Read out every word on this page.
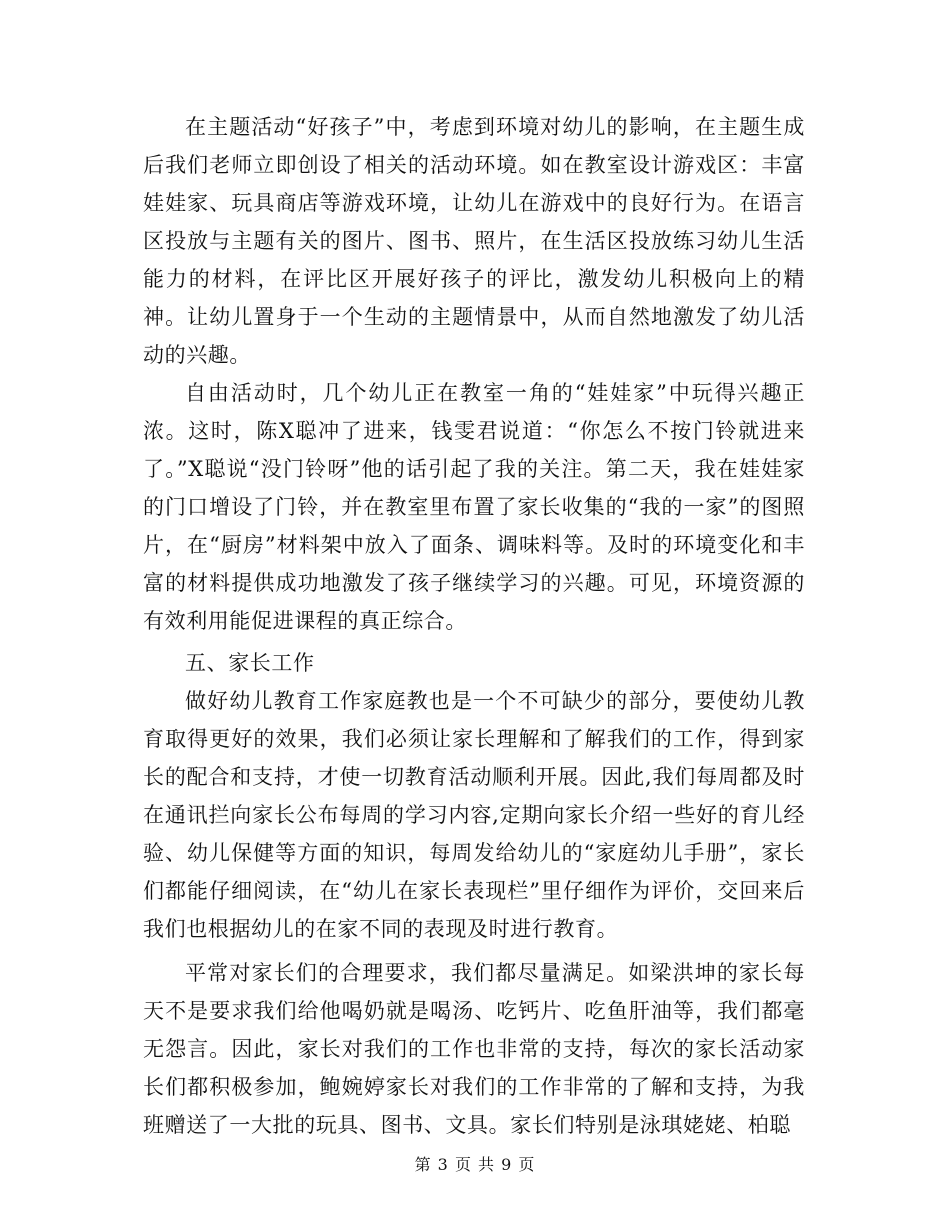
在主题活动“好孩子”中，考虑到环境对幼儿的影响，在主题生成后我们老师立即创设了相关的活动环境。如在教室设计游戏区：丰富娃娃家、玩具商店等游戏环境，让幼儿在游戏中的良好行为。在语言区投放与主题有关的图片、图书、照片，在生活区投放练习幼儿生活能力的材料，在评比区开展好孩子的评比，激发幼儿积极向上的精神。让幼儿置身于一个生动的主题情景中，从而自然地激发了幼儿活动的兴趣。

自由活动时，几个幼儿正在教室一角的“娃娃家”中玩得兴趣正浓。这时，陈X聪冲了进来，钱雯君说道：“你怎么不按门铃就进来了。”X聪说“没门铃呀”他的话引起了我的关注。第二天，我在娃娃家的门口增设了门铃，并在教室里布置了家长收集的“我的一家”的图照片，在“厨房”材料架中放入了面条、调味料等。及时的环境变化和丰富的材料提供成功地激发了孩子继续学习的兴趣。可见，环境资源的有效利用能促进课程的真正综合。

五、家长工作

做好幼儿教育工作家庭教也是一个不可缺少的部分，要使幼儿教育取得更好的效果，我们必须让家长理解和了解我们的工作，得到家长的配合和支持，才使一切教育活动顺利开展。因此,我们每周都及时在通讯拦向家长公布每周的学习内容,定期向家长介绍一些好的育儿经验、幼儿保健等方面的知识，每周发给幼儿的“家庭幼儿手册”，家长们都能仔细阅读，在“幼儿在家长表现栏”里仔细作为评价，交回来后我们也根据幼儿的在家不同的表现及时进行教育。

平常对家长们的合理要求，我们都尽量满足。如梁洪坤的家长每天不是要求我们给他喝奶就是喝汤、吃钙片、吃鱼肝油等，我们都毫无怨言。因此，家长对我们的工作也非常的支持，每次的家长活动家长们都积极参加，鲍婉婷家长对我们的工作非常的了解和支持，为我班赠送了一大批的玩具、图书、文具。家长们特别是泳琪姥姥、柏聪

第 3 页 共 9 页
